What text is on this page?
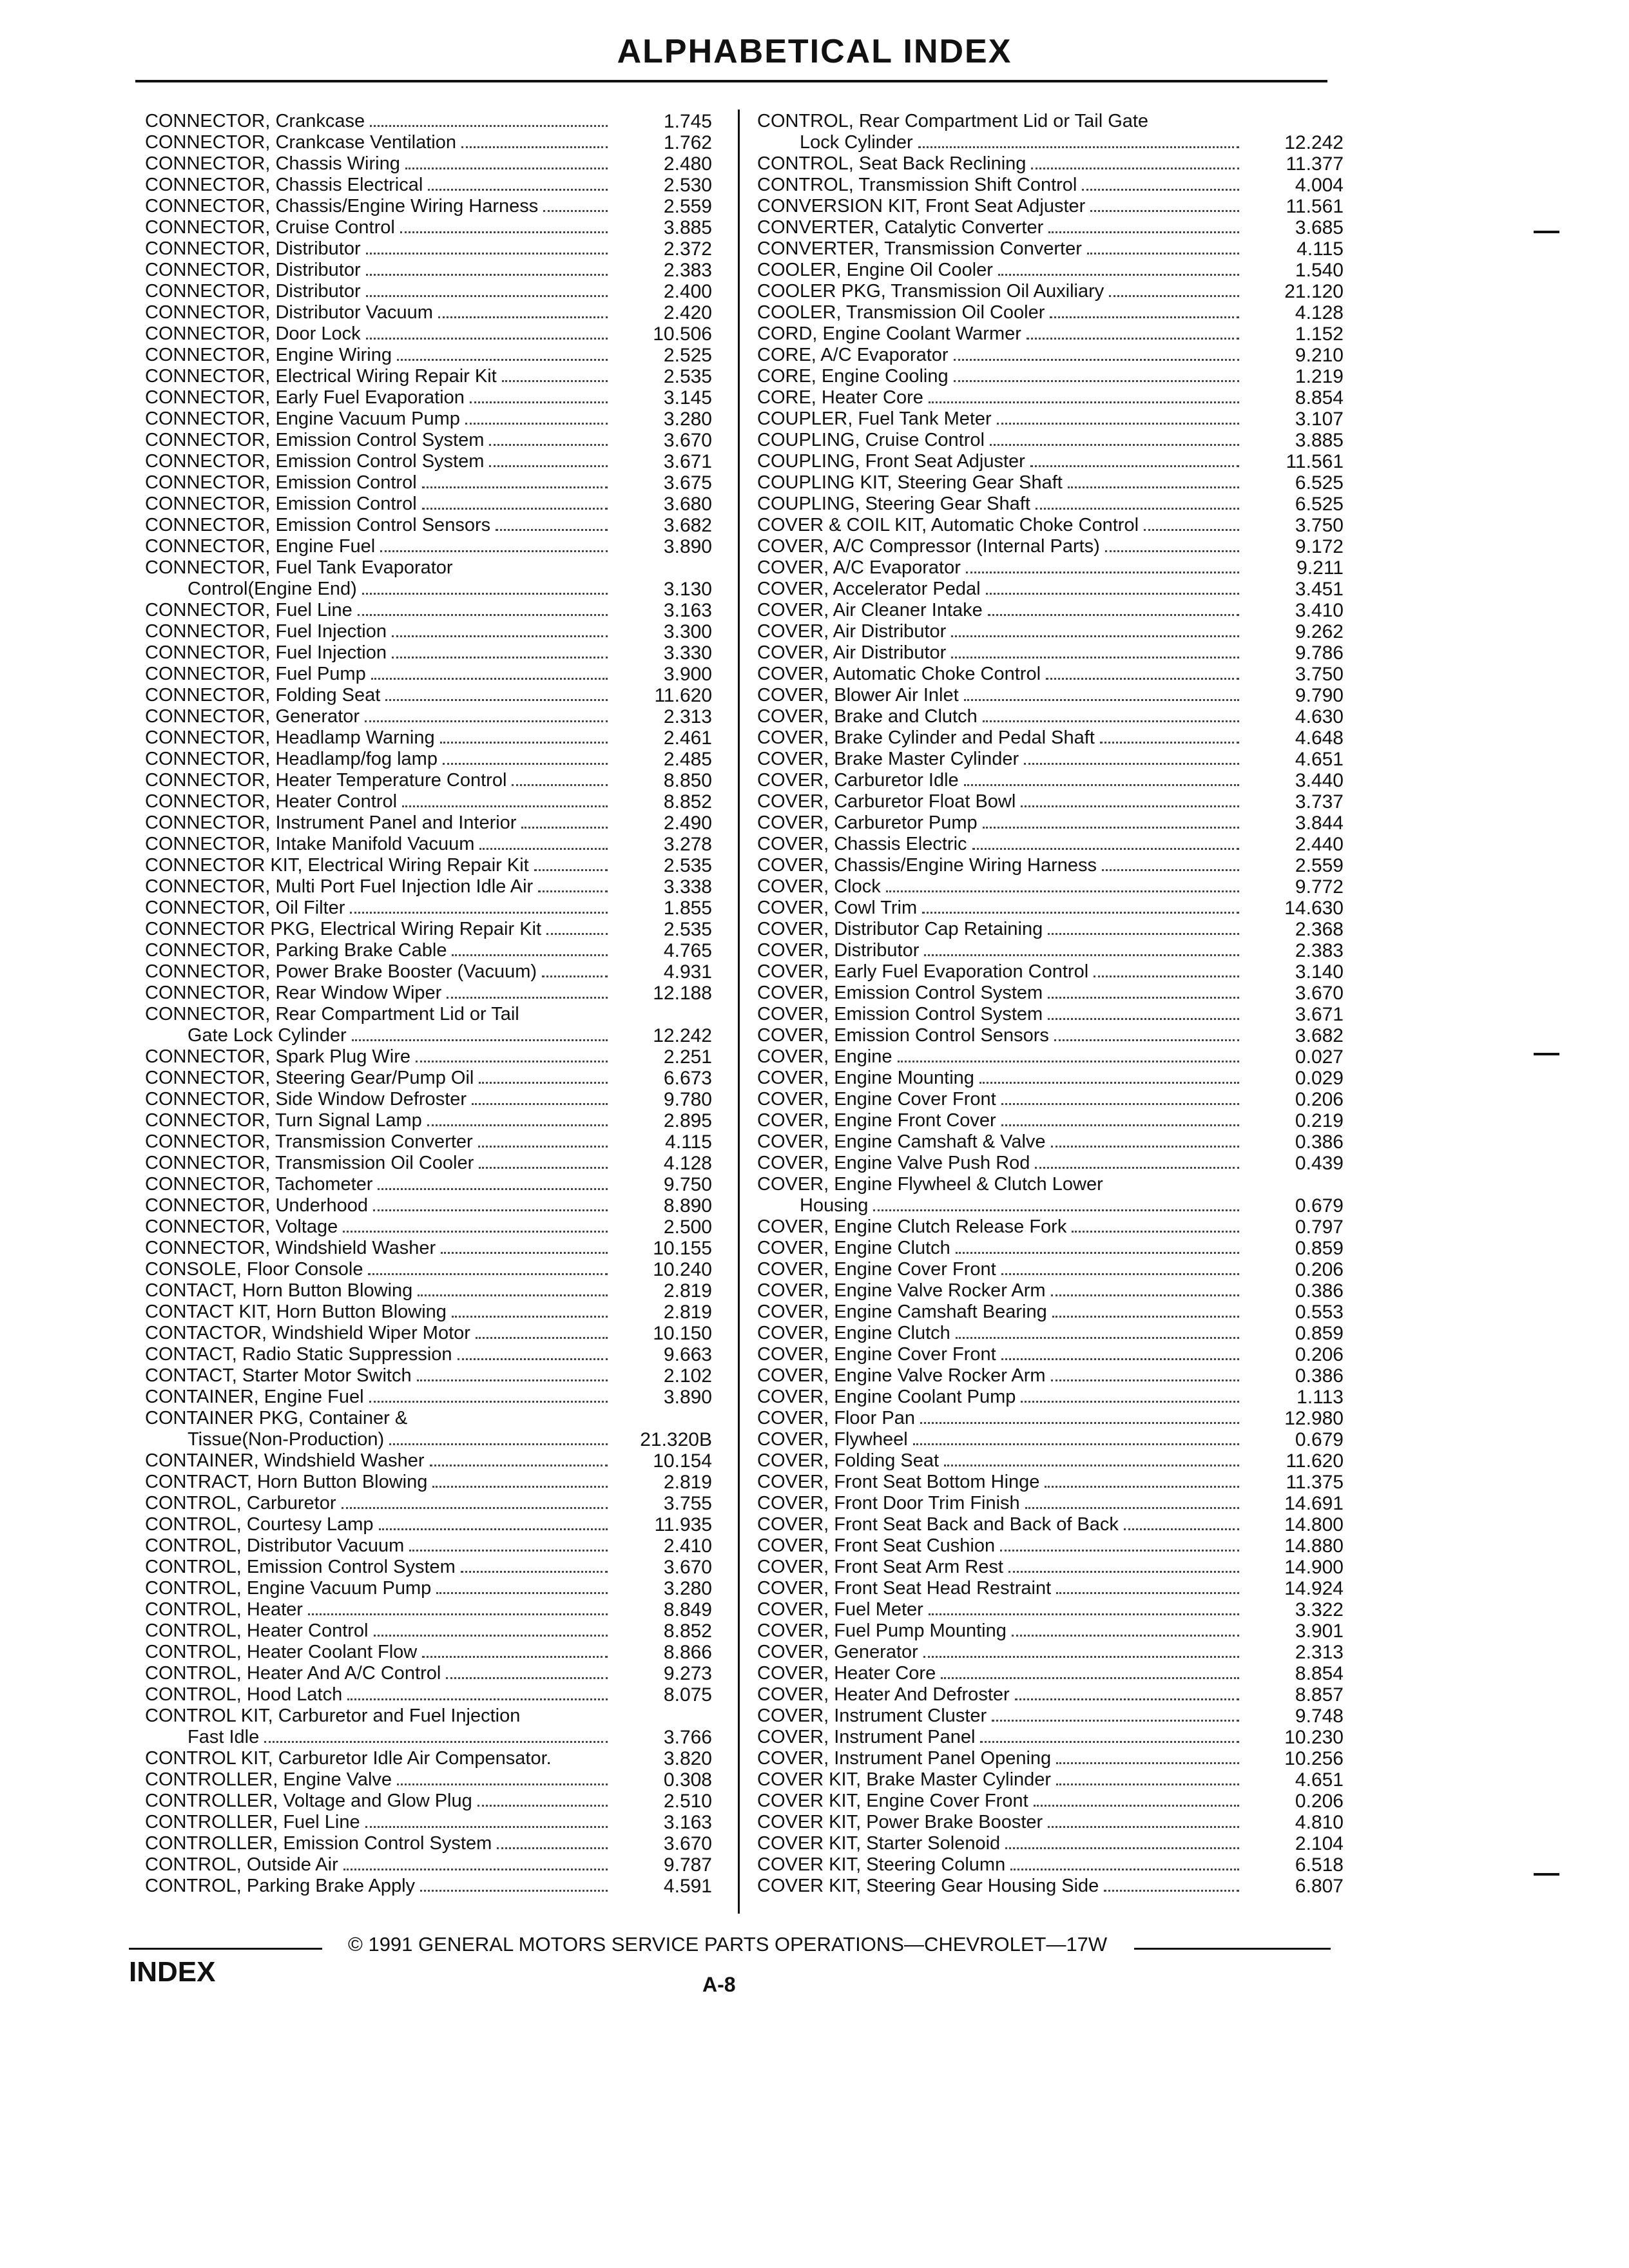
ALPHABETICAL INDEX
CONNECTOR, Crankcase	1.745
CONNECTOR, Crankcase Ventilation	1.762
CONNECTOR, Chassis Wiring	2.480
CONNECTOR, Chassis Electrical	2.530
CONNECTOR, Chassis/Engine Wiring Harness	2.559
CONNECTOR, Cruise Control	3.885
CONNECTOR, Distributor	2.372
CONNECTOR, Distributor	2.383
CONNECTOR, Distributor	2.400
CONNECTOR, Distributor Vacuum	2.420
CONNECTOR, Door Lock	10.506
CONNECTOR, Engine Wiring	2.525
CONNECTOR, Electrical Wiring Repair Kit	2.535
CONNECTOR, Early Fuel Evaporation	3.145
CONNECTOR, Engine Vacuum Pump	3.280
CONNECTOR, Emission Control System	3.670
CONNECTOR, Emission Control System	3.671
CONNECTOR, Emission Control	3.675
CONNECTOR, Emission Control	3.680
CONNECTOR, Emission Control Sensors	3.682
CONNECTOR, Engine Fuel	3.890
CONNECTOR, Fuel Tank Evaporator
Control(Engine End)	3.130
CONNECTOR, Fuel Line	3.163
CONNECTOR, Fuel Injection	3.300
CONNECTOR, Fuel Injection	3.330
CONNECTOR, Fuel Pump	3.900
CONNECTOR, Folding Seat	11.620
CONNECTOR, Generator	2.313
CONNECTOR, Headlamp Warning	2.461
CONNECTOR, Headlamp/fog lamp	2.485
CONNECTOR, Heater Temperature Control	8.850
CONNECTOR, Heater Control	8.852
CONNECTOR, Instrument Panel and Interior	2.490
CONNECTOR, Intake Manifold Vacuum	3.278
CONNECTOR KIT, Electrical Wiring Repair Kit	2.535
CONNECTOR, Multi Port Fuel Injection Idle Air	3.338
CONNECTOR, Oil Filter	1.855
CONNECTOR PKG, Electrical Wiring Repair Kit	2.535
CONNECTOR, Parking Brake Cable	4.765
CONNECTOR, Power Brake Booster (Vacuum)	4.931
CONNECTOR, Rear Window Wiper	12.188
CONNECTOR, Rear Compartment Lid or Tail
Gate Lock Cylinder	12.242
CONNECTOR, Spark Plug Wire	2.251
CONNECTOR, Steering Gear/Pump Oil	6.673
CONNECTOR, Side Window Defroster	9.780
CONNECTOR, Turn Signal Lamp	2.895
CONNECTOR, Transmission Converter	4.115
CONNECTOR, Transmission Oil Cooler	4.128
CONNECTOR, Tachometer	9.750
CONNECTOR, Underhood	8.890
CONNECTOR, Voltage	2.500
CONNECTOR, Windshield Washer	10.155
CONSOLE, Floor Console	10.240
CONTACT, Horn Button Blowing	2.819
CONTACT KIT, Horn Button Blowing	2.819
CONTACTOR, Windshield Wiper Motor	10.150
CONTACT, Radio Static Suppression	9.663
CONTACT, Starter Motor Switch	2.102
CONTAINER, Engine Fuel	3.890
CONTAINER PKG, Container &
Tissue(Non-Production)	21.320B
CONTAINER, Windshield Washer	10.154
CONTRACT, Horn Button Blowing	2.819
CONTROL, Carburetor	3.755
CONTROL, Courtesy Lamp	11.935
CONTROL, Distributor Vacuum	2.410
CONTROL, Emission Control System	3.670
CONTROL, Engine Vacuum Pump	3.280
CONTROL, Heater	8.849
CONTROL, Heater Control	8.852
CONTROL, Heater Coolant Flow	8.866
CONTROL, Heater And A/C Control	9.273
CONTROL, Hood Latch	8.075
CONTROL KIT, Carburetor and Fuel Injection
Fast Idle	3.766
CONTROL KIT, Carburetor Idle Air Compensator.	3.820
CONTROLLER, Engine Valve	0.308
CONTROLLER, Voltage and Glow Plug	2.510
CONTROLLER, Fuel Line	3.163
CONTROLLER, Emission Control System	3.670
CONTROL, Outside Air	9.787
CONTROL, Parking Brake Apply	4.591
CONTROL, Rear Compartment Lid or Tail Gate
Lock Cylinder	12.242
CONTROL, Seat Back Reclining	11.377
CONTROL, Transmission Shift Control	4.004
CONVERSION KIT, Front Seat Adjuster	11.561
CONVERTER, Catalytic Converter	3.685
CONVERTER, Transmission Converter	4.115
COOLER, Engine Oil Cooler	1.540
COOLER PKG, Transmission Oil Auxiliary	21.120
COOLER, Transmission Oil Cooler	4.128
CORD, Engine Coolant Warmer	1.152
CORE, A/C Evaporator	9.210
CORE, Engine Cooling	1.219
CORE, Heater Core	8.854
COUPLER, Fuel Tank Meter	3.107
COUPLING, Cruise Control	3.885
COUPLING, Front Seat Adjuster	11.561
COUPLING KIT, Steering Gear Shaft	6.525
COUPLING, Steering Gear Shaft	6.525
COVER & COIL KIT, Automatic Choke Control	3.750
COVER, A/C Compressor (Internal Parts)	9.172
COVER, A/C Evaporator	9.211
COVER, Accelerator Pedal	3.451
COVER, Air Cleaner Intake	3.410
COVER, Air Distributor	9.262
COVER, Air Distributor	9.786
COVER, Automatic Choke Control	3.750
COVER, Blower Air Inlet	9.790
COVER, Brake and Clutch	4.630
COVER, Brake Cylinder and Pedal Shaft	4.648
COVER, Brake Master Cylinder	4.651
COVER, Carburetor Idle	3.440
COVER, Carburetor Float Bowl	3.737
COVER, Carburetor Pump	3.844
COVER, Chassis Electric	2.440
COVER, Chassis/Engine Wiring Harness	2.559
COVER, Clock	9.772
COVER, Cowl Trim	14.630
COVER, Distributor Cap Retaining	2.368
COVER, Distributor	2.383
COVER, Early Fuel Evaporation Control	3.140
COVER, Emission Control System	3.670
COVER, Emission Control System	3.671
COVER, Emission Control Sensors	3.682
COVER, Engine	0.027
COVER, Engine Mounting	0.029
COVER, Engine Cover Front	0.206
COVER, Engine Front Cover	0.219
COVER, Engine Camshaft & Valve	0.386
COVER, Engine Valve Push Rod	0.439
COVER, Engine Flywheel & Clutch Lower
Housing	0.679
COVER, Engine Clutch Release Fork	0.797
COVER, Engine Clutch	0.859
COVER, Engine Cover Front	0.206
COVER, Engine Valve Rocker Arm	0.386
COVER, Engine Camshaft Bearing	0.553
COVER, Engine Clutch	0.859
COVER, Engine Cover Front	0.206
COVER, Engine Valve Rocker Arm	0.386
COVER, Engine Coolant Pump	1.113
COVER, Floor Pan	12.980
COVER, Flywheel	0.679
COVER, Folding Seat	11.620
COVER, Front Seat Bottom Hinge	11.375
COVER, Front Door Trim Finish	14.691
COVER, Front Seat Back and Back of Back	14.800
COVER, Front Seat Cushion	14.880
COVER, Front Seat Arm Rest	14.900
COVER, Front Seat Head Restraint	14.924
COVER, Fuel Meter	3.322
COVER, Fuel Pump Mounting	3.901
COVER, Generator	2.313
COVER, Heater Core	8.854
COVER, Heater And Defroster	8.857
COVER, Instrument Cluster	9.748
COVER, Instrument Panel	10.230
COVER, Instrument Panel Opening	10.256
COVER KIT, Brake Master Cylinder	4.651
COVER KIT, Engine Cover Front	0.206
COVER KIT, Power Brake Booster	4.810
COVER KIT, Starter Solenoid	2.104
COVER KIT, Steering Column	6.518
COVER KIT, Steering Gear Housing Side	6.807
© 1991 GENERAL MOTORS SERVICE PARTS OPERATIONS—CHEVROLET—17W
INDEX	A-8
